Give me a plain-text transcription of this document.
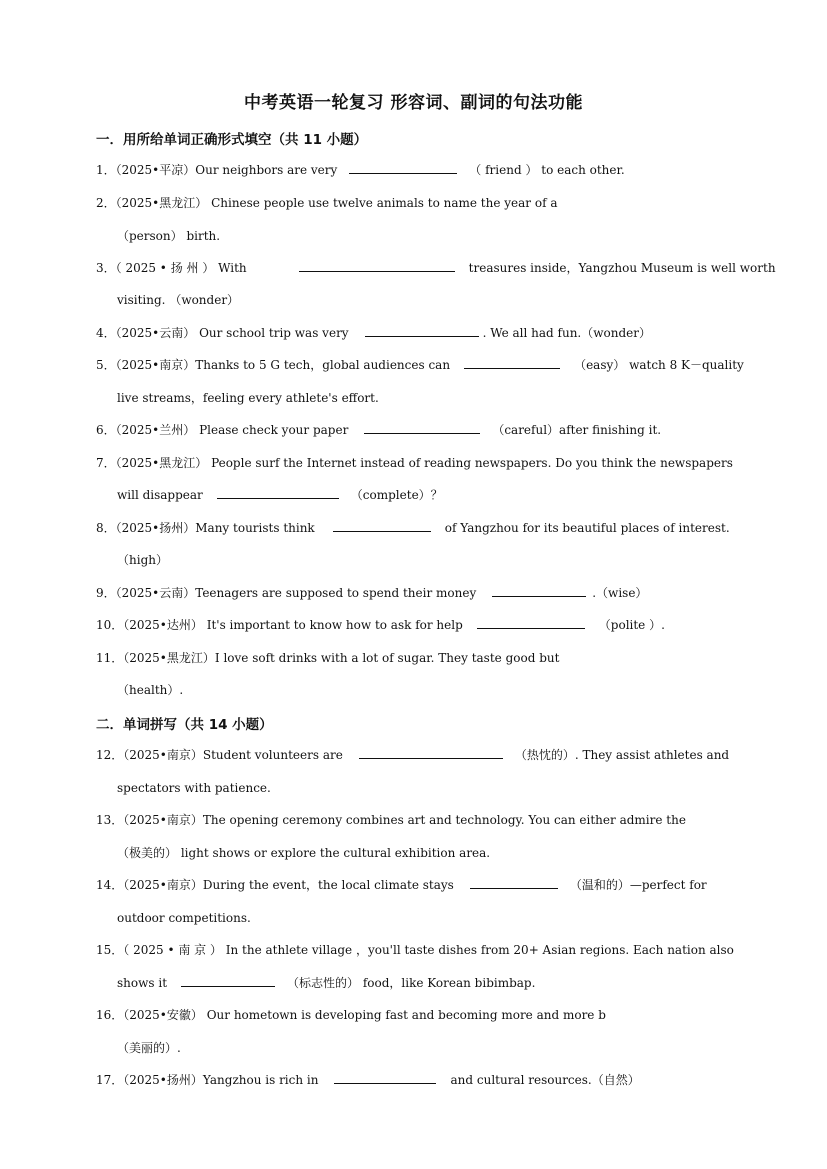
中考英语一轮复习 形容词、副词的句法功能
一．用所给单词正确形式填空（共 11 小题）
1．（2025•平凉）Our neighbors are very	（ friend ） to each other.
2．（2025•黑龙江） Chinese people use twelve animals to name the year of a
（person） birth.
3．（ 2025 • 扬 州 ） With	treasures inside，Yangzhou Museum is well worth
visiting. （wonder）
4．（2025•云南） Our school trip was very	. We all had fun.（wonder）
5．（2025•南京）Thanks to 5 G tech，global audiences can	（easy） watch 8 K－quality
live streams，feeling every athlete's effort.
6．（2025•兰州） Please check your paper	（careful）after finishing it.
7．（2025•黑龙江） People surf the Internet instead of reading newspapers. Do you think the newspapers
will disappear	（complete）？
8．（2025•扬州）Many tourists think	of Yangzhou for its beautiful places of interest.
（high）
9．（2025•云南）Teenagers are supposed to spend their money	.（wise）
10．（2025•达州） It's important to know how to ask for help	（polite ）.
11．（2025•黑龙江）I love soft drinks with a lot of sugar. They taste good but
（health）.
二．单词拼写（共 14 小题）
12．（2025•南京）Student volunteers are	（热忱的）. They assist athletes and
spectators with patience.
13．（2025•南京）The opening ceremony combines art and technology. You can either admire the
（极美的） light shows or explore the cultural exhibition area.
14．（2025•南京）During the event，the local climate stays	（温和的）—perfect for
outdoor competitions.
15．（ 2025 • 南 京 ） In the athlete village ，you'll taste dishes from 20+ Asian regions. Each nation also
shows it	（标志性的） food，like Korean bibimbap.
16．（2025•安徽） Our hometown is developing fast and becoming more and more b
（美丽的）.
17．（2025•扬州）Yangzhou is rich in	and cultural resources.（自然）
